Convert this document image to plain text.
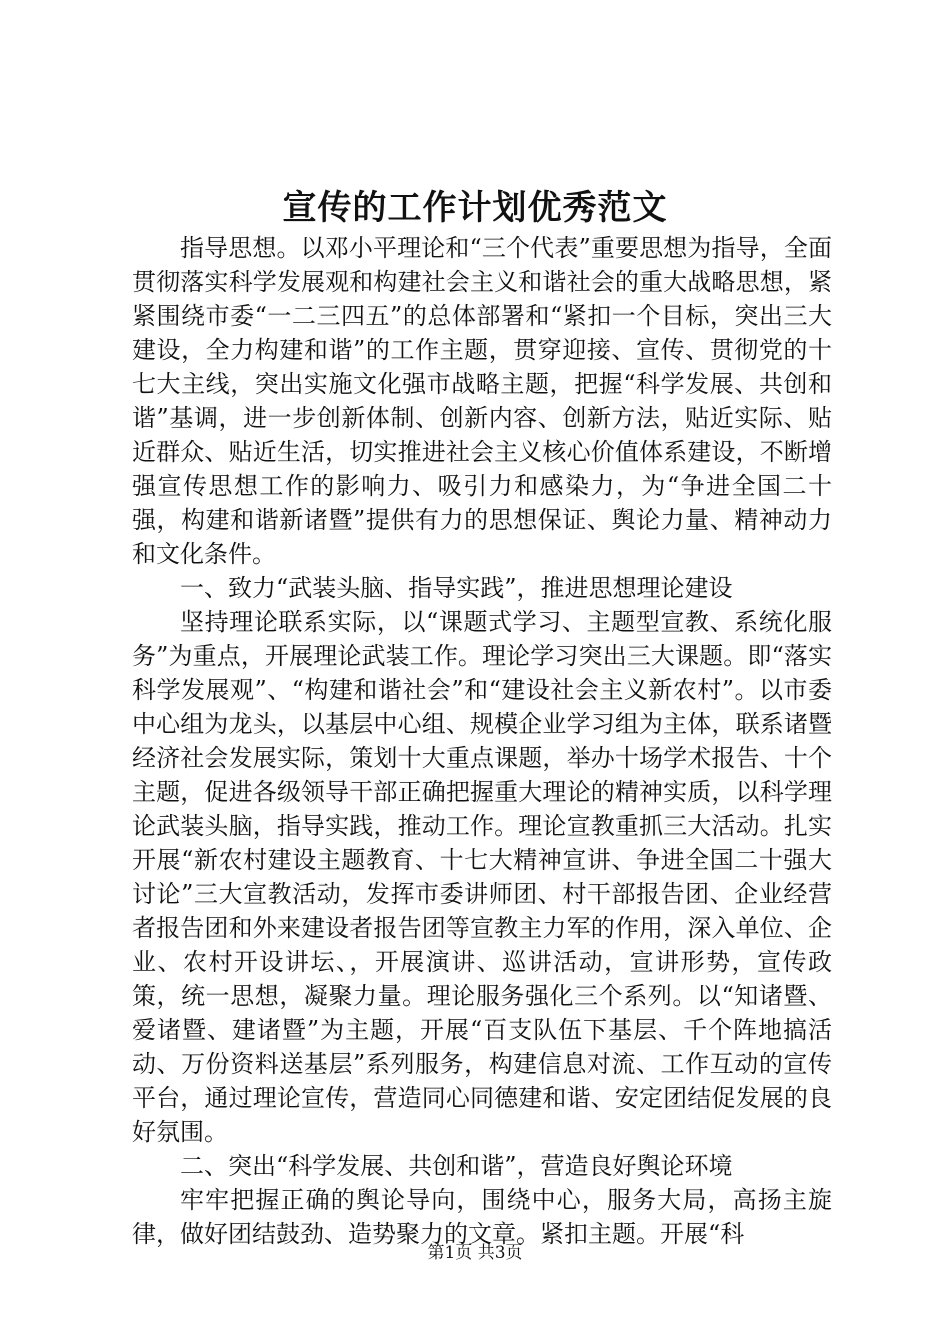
宣传的工作计划优秀范文

指导思想。以邓小平理论和“三个代表”重要思想为指导，全面贯彻落实科学发展观和构建社会主义和谐社会的重大战略思想，紧紧围绕市委“一二三四五”的总体部署和“紧扣一个目标，突出三大建设，全力构建和谐”的工作主题，贯穿迎接、宣传、贯彻党的十七大主线，突出实施文化强市战略主题，把握“科学发展、共创和谐”基调，进一步创新体制、创新内容、创新方法，贴近实际、贴近群众、贴近生活，切实推进社会主义核心价值体系建设，不断增强宣传思想工作的影响力、吸引力和感染力，为“争进全国二十强，构建和谐新诸暨”提供有力的思想保证、舆论力量、精神动力和文化条件。

一、致力“武装头脑、指导实践”，推进思想理论建设

坚持理论联系实际，以“课题式学习、主题型宣教、系统化服务”为重点，开展理论武装工作。理论学习突出三大课题。即“落实科学发展观”、“构建和谐社会”和“建设社会主义新农村”。以市委中心组为龙头，以基层中心组、规模企业学习组为主体，联系诸暨经济社会发展实际，策划十大重点课题，举办十场学术报告、十个主题，促进各级领导干部正确把握重大理论的精神实质，以科学理论武装头脑，指导实践，推动工作。理论宣教重抓三大活动。扎实开展“新农村建设主题教育、十七大精神宣讲、争进全国二十强大讨论”三大宣教活动，发挥市委讲师团、村干部报告团、企业经营者报告团和外来建设者报告团等宣教主力军的作用，深入单位、企业、农村开设讲坛、，开展演讲、巡讲活动，宣讲形势，宣传政策，统一思想，凝聚力量。理论服务强化三个系列。以“知诸暨、爱诸暨、建诸暨”为主题，开展“百支队伍下基层、千个阵地搞活动、万份资料送基层”系列服务，构建信息对流、工作互动的宣传平台，通过理论宣传，营造同心同德建和谐、安定团结促发展的良好氛围。

二、突出“科学发展、共创和谐”，营造良好舆论环境

牢牢把握正确的舆论导向，围绕中心，服务大局，高扬主旋律，做好团结鼓劲、造势聚力的文章。紧扣主题。开展“科

第1页 共3页
